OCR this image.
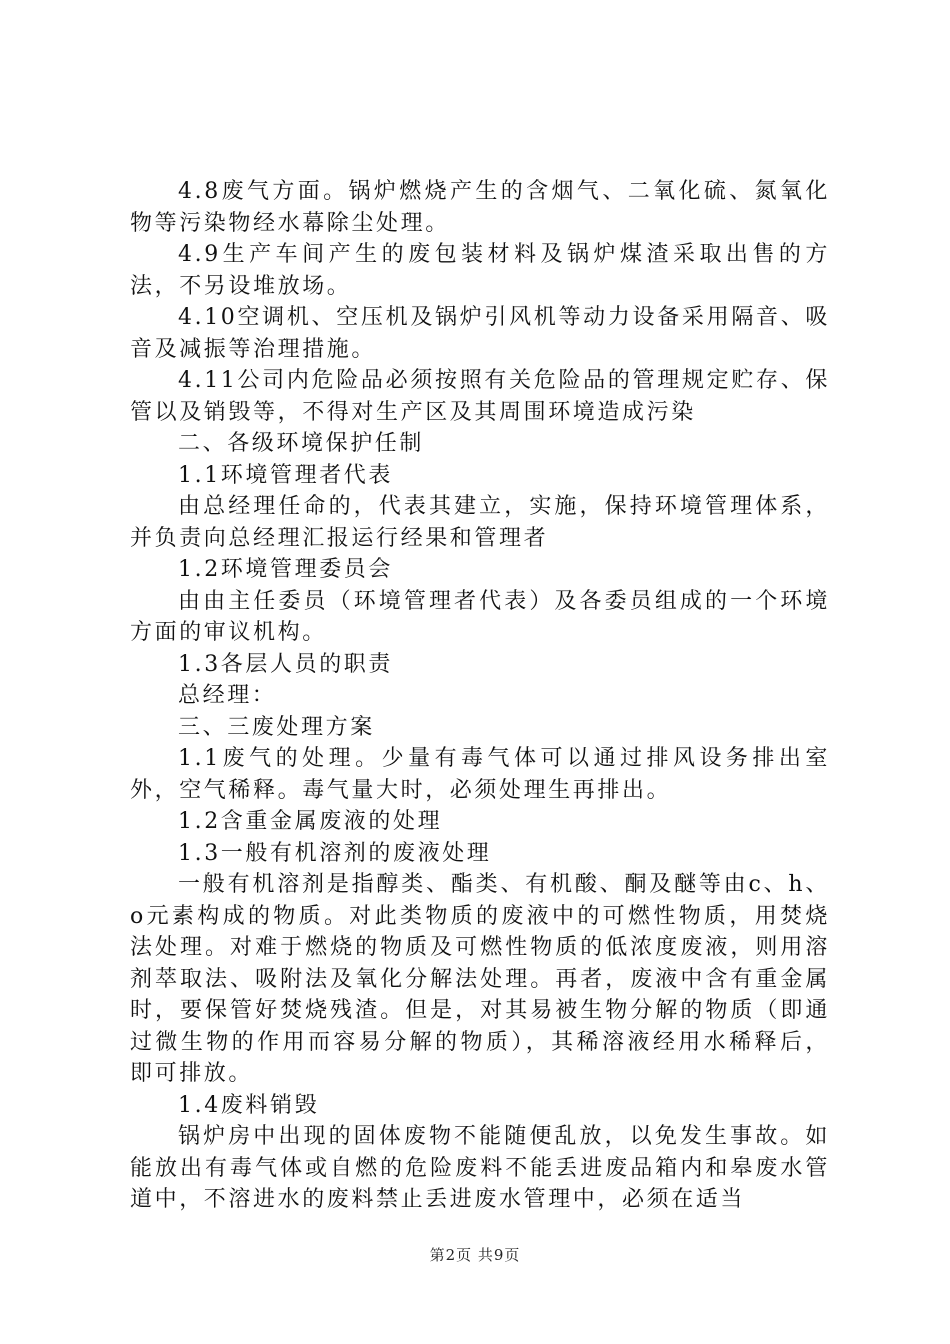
4.8废气方面。锅炉燃烧产生的含烟气、二氧化硫、氮氧化物等污染物经水幕除尘处理。

4.9生产车间产生的废包装材料及锅炉煤渣采取出售的方法，不另设堆放场。

4.10空调机、空压机及锅炉引风机等动力设备采用隔音、吸音及减振等治理措施。

4.11公司内危险品必须按照有关危险品的管理规定贮存、保管以及销毁等，不得对生产区及其周围环境造成污染

二、各级环境保护任制

1.1环境管理者代表

由总经理任命的，代表其建立，实施，保持环境管理体系，并负责向总经理汇报运行经果和管理者

1.2环境管理委员会

由由主任委员（环境管理者代表）及各委员组成的一个环境方面的审议机构。

1.3各层人员的职责

总经理：

三、三废处理方案

1.1废气的处理。少量有毒气体可以通过排风设务排出室外，空气稀释。毒气量大时，必须处理生再排出。

1.2含重金属废液的处理

1.3一般有机溶剂的废液处理

一般有机溶剂是指醇类、酯类、有机酸、酮及醚等由c、h、o元素构成的物质。对此类物质的废液中的可燃性物质，用焚烧法处理。对难于燃烧的物质及可燃性物质的低浓度废液，则用溶剂萃取法、吸附法及氧化分解法处理。再者，废液中含有重金属时，要保管好焚烧残渣。但是，对其易被生物分解的物质（即通过微生物的作用而容易分解的物质），其稀溶液经用水稀释后，即可排放。

1.4废料销毁

锅炉房中出现的固体废物不能随便乱放，以免发生事故。如能放出有毒气体或自燃的危险废料不能丢进废品箱内和皋废水管道中，不溶进水的废料禁止丢进废水管理中，必须在适当

第2页 共9页
